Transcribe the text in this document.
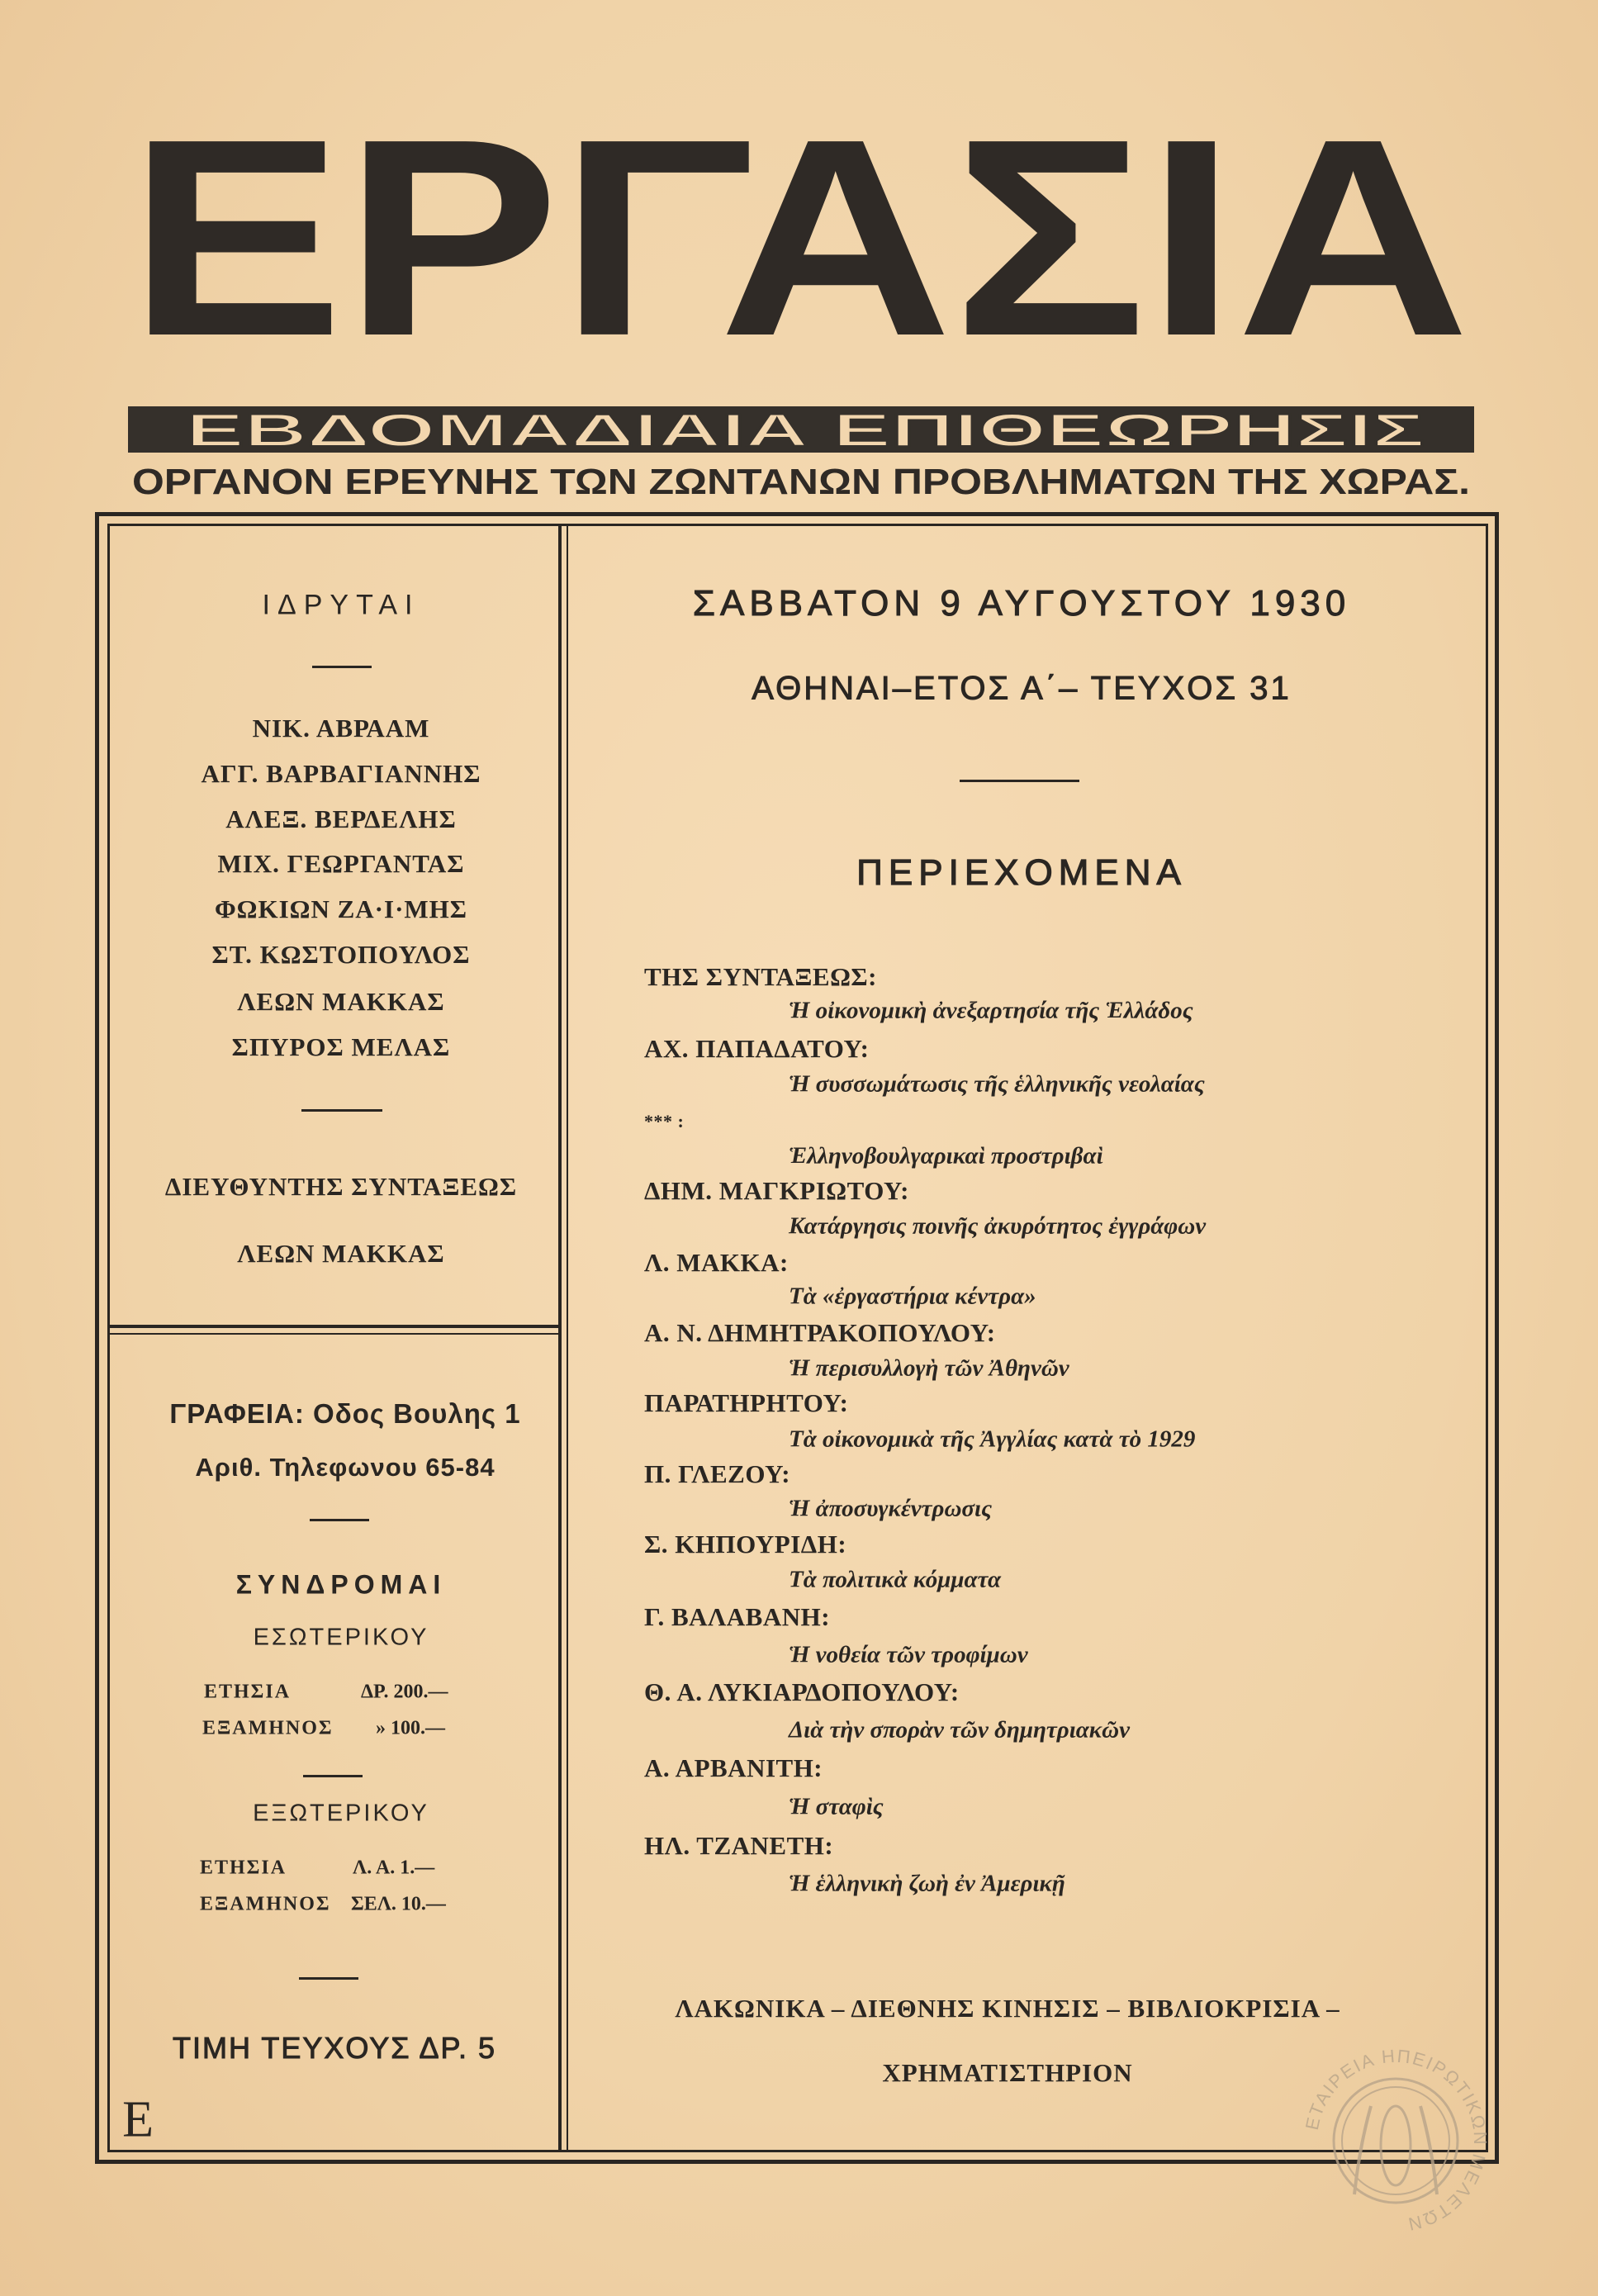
ΕΡΓΑΣΙΑ
ΕΒΔΟΜΑΔΙΑΙΑ ΕΠΙΘΕΩΡΗΣΙΣ
ΟΡΓΑΝΟΝ ΕΡΕΥΝΗΣ ΤΩΝ ΖΩΝΤΑΝΩΝ ΠΡΟΒΛΗΜΑΤΩΝ ΤΗΣ ΧΩΡΑΣ.
ΙΔΡΥΤΑΙ
ΝΙΚ. ΑΒΡΑΑΜ
ΑΓΓ. ΒΑΡΒΑΓΙΑΝΝΗΣ
ΑΛΕΞ. ΒΕΡΔΕΛΗΣ
ΜΙΧ. ΓΕΩΡΓΑΝΤΑΣ
ΦΩΚΙΩΝ ΖΑ·Ι·ΜΗΣ
ΣΤ. ΚΩΣΤΟΠΟΥΛΟΣ
ΛΕΩΝ ΜΑΚΚΑΣ
ΣΠΥΡΟΣ ΜΕΛΑΣ
ΔΙΕΥΘΥΝΤΗΣ ΣΥΝΤΑΞΕΩΣ
ΛΕΩΝ ΜΑΚΚΑΣ
ΓΡΑΦΕΙΑ: Οδος Βουλης 1
Αριθ. Τηλεφωνου 65-84
ΣΥΝΔΡΟΜΑΙ
ΕΣΩΤΕΡΙΚΟΥ
ΕΤΗΣΙΑ	ΔΡ. 200.—
ΕΞΑΜΗΝΟΣ » 100.—
ΕΞΩΤΕΡΙΚΟΥ
ΕΤΗΣΙΑ	Λ. Α. 1.—
ΕΞΑΜΗΝΟΣ ΣΕΛ. 10.—
ΤΙΜΗ ΤΕΥΧΟΥΣ ΔΡ. 5
Ε
ΣΑΒΒΑΤΟΝ 9 ΑΥΓΟΥΣΤΟΥ 1930
ΑΘΗΝΑΙ–ΕΤΟΣ Α΄– ΤΕΥΧΟΣ 31
ΠΕΡΙΕΧΟΜΕΝΑ
ΤΗΣ ΣΥΝΤΑΞΕΩΣ:
Ἡ οἰκονομικὴ ἀνεξαρτησία τῆς Ἑλλάδος
ΑΧ. ΠΑΠΑΔΑΤΟΥ:
Ἡ συσσωμάτωσις τῆς ἑλληνικῆς νεολαίας
*** :
Ἑλληνοβουλγαρικαὶ προστριβαὶ
ΔΗΜ. ΜΑΓΚΡΙΩΤΟΥ:
Κατάργησις ποινῆς ἀκυρότητος ἐγγράφων
Λ. ΜΑΚΚΑ:
Τὰ «ἐργαστήρια κέντρα»
Α. Ν. ΔΗΜΗΤΡΑΚΟΠΟΥΛΟΥ:
Ἡ περισυλλογὴ τῶν Ἀθηνῶν
ΠΑΡΑΤΗΡΗΤΟΥ:
Τὰ οἰκονομικὰ τῆς Ἀγγλίας κατὰ τὸ 1929
Π. ΓΛΕΖΟΥ:
Ἡ ἀποσυγκέντρωσις
Σ. ΚΗΠΟΥΡΙΔΗ:
Τὰ πολιτικὰ κόμματα
Γ. ΒΑΛΑΒΑΝΗ:
Ἡ νοθεία τῶν τροφίμων
Θ. Α. ΛΥΚΙΑΡΔΟΠΟΥΛΟΥ:
Διὰ τὴν σπορὰν τῶν δημητριακῶν
Α. ΑΡΒΑΝΙΤΗ:
Ἡ σταφὶς
ΗΛ. ΤΖΑΝΕΤΗ:
Ἡ ἑλληνικὴ ζωὴ ἐν Ἀμερικῇ
ΛΑΚΩΝΙΚΑ – ΔΙΕΘΝΗΣ ΚΙΝΗΣΙΣ – ΒΙΒΛΙΟΚΡΙΣΙΑ –
ΧΡΗΜΑΤΙΣΤΗΡΙΟΝ
ΕΤΑΙΡΕΙΑ ΗΠΕΙΡΩΤΙΚΩΝ ΜΕΛΕΤΩΝ
